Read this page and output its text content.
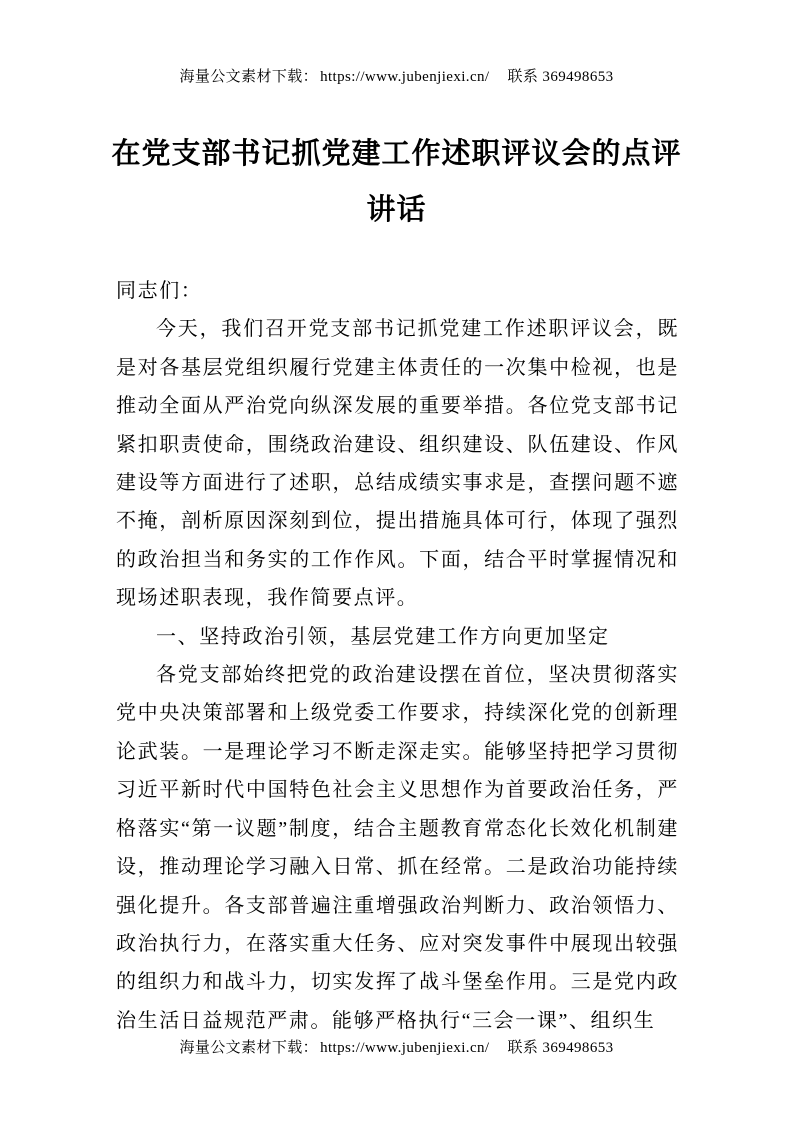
海量公文素材下载： https://www.jubenjiexi.cn/ 联系 369498653
在党支部书记抓党建工作述职评议会的点评讲话

同志们：

今天，我们召开党支部书记抓党建工作述职评议会，既是对各基层党组织履行党建主体责任的一次集中检视，也是推动全面从严治党向纵深发展的重要举措。各位党支部书记紧扣职责使命，围绕政治建设、组织建设、队伍建设、作风建设等方面进行了述职，总结成绩实事求是，查摆问题不遮不掩，剖析原因深刻到位，提出措施具体可行，体现了强烈的政治担当和务实的工作作风。下面，结合平时掌握情况和现场述职表现，我作简要点评。

一、坚持政治引领，基层党建工作方向更加坚定

各党支部始终把党的政治建设摆在首位，坚决贯彻落实党中央决策部署和上级党委工作要求，持续深化党的创新理论武装。一是理论学习不断走深走实。能够坚持把学习贯彻习近平新时代中国特色社会主义思想作为首要政治任务，严格落实“第一议题”制度，结合主题教育常态化长效化机制建设，推动理论学习融入日常、抓在经常。二是政治功能持续强化提升。各支部普遍注重增强政治判断力、政治领悟力、政治执行力，在落实重大任务、应对突发事件中展现出较强的组织力和战斗力，切实发挥了战斗堡垒作用。三是党内政治生活日益规范严肃。能够严格执行“三会一课”、组织生

海量公文素材下载： https://www.jubenjiexi.cn/ 联系 369498653
